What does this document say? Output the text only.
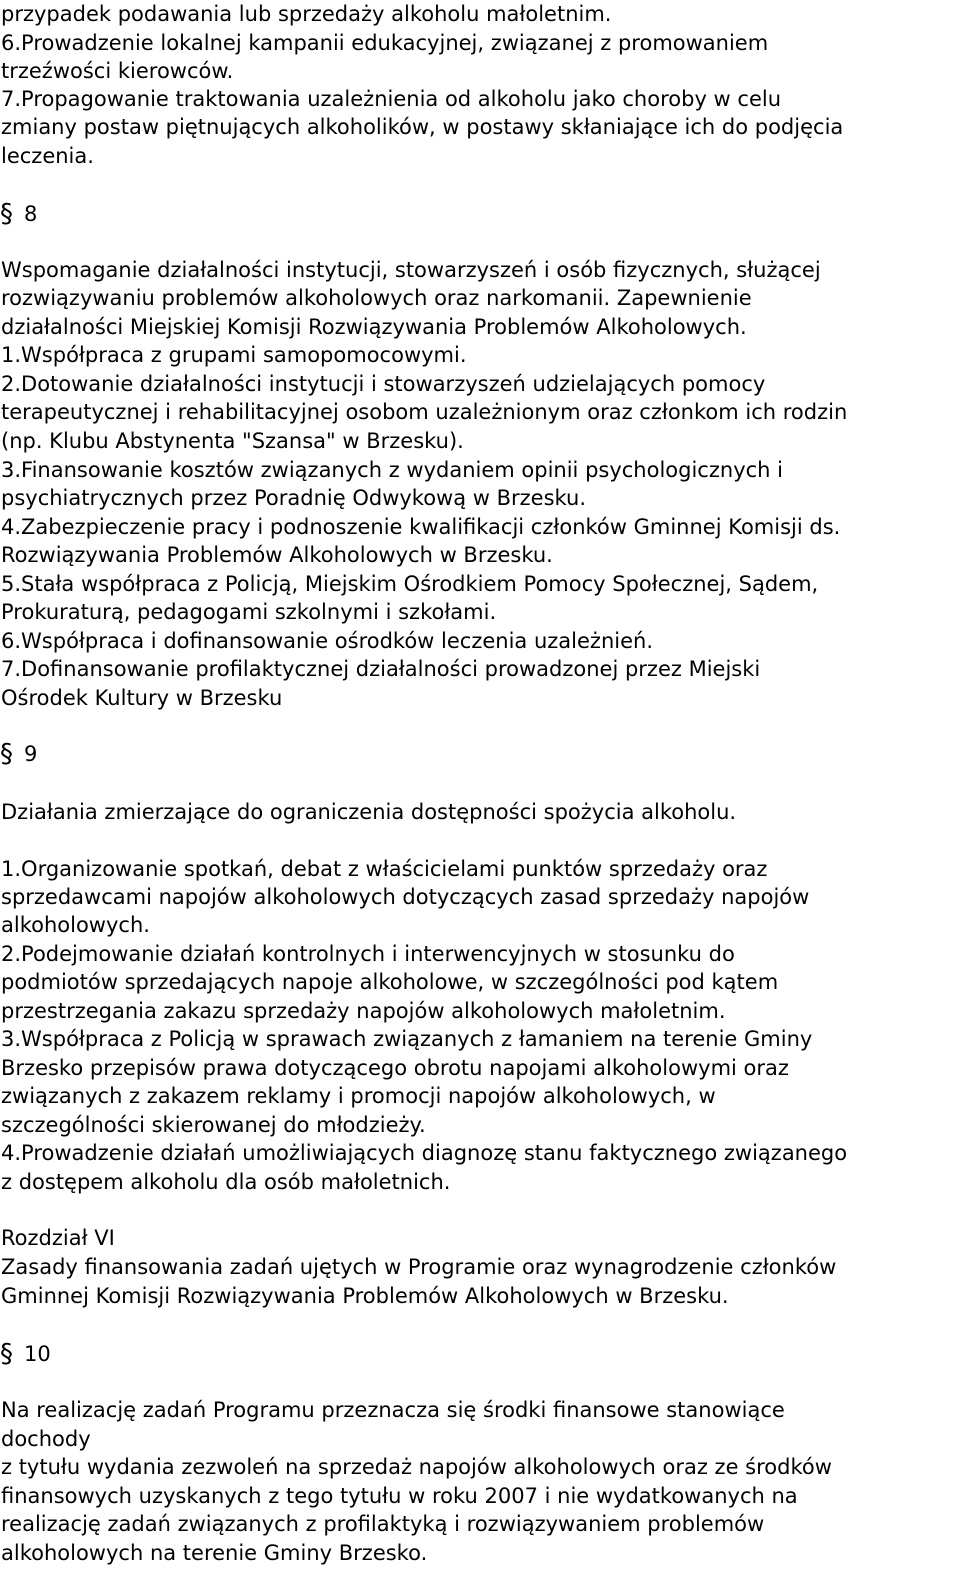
przypadek podawania lub sprzedaży alkoholu małoletnim.
6.Prowadzenie lokalnej kampanii edukacyjnej, związanej z promowaniem
trzeźwości kierowców.
7.Propagowanie traktowania uzależnienia od alkoholu jako choroby w celu
zmiany postaw piętnujących alkoholików, w postawy skłaniające ich do podjęcia
leczenia.
§ 8
Wspomaganie działalności instytucji, stowarzyszeń i osób fizycznych, służącej
rozwiązywaniu problemów alkoholowych oraz narkomanii. Zapewnienie
działalności Miejskiej Komisji Rozwiązywania Problemów Alkoholowych.
1.Współpraca z grupami samopomocowymi.
2.Dotowanie działalności instytucji i stowarzyszeń udzielających pomocy
terapeutycznej i rehabilitacyjnej osobom uzależnionym oraz członkom ich rodzin
(np. Klubu Abstynenta "Szansa" w Brzesku).
3.Finansowanie kosztów związanych z wydaniem opinii psychologicznych i
psychiatrycznych przez Poradnię Odwykową w Brzesku.
4.Zabezpieczenie pracy i podnoszenie kwalifikacji członków Gminnej Komisji ds.
Rozwiązywania Problemów Alkoholowych w Brzesku.
5.Stała współpraca z Policją, Miejskim Ośrodkiem Pomocy Społecznej, Sądem,
Prokuraturą, pedagogami szkolnymi i szkołami.
6.Współpraca i dofinansowanie ośrodków leczenia uzależnień.
7.Dofinansowanie profilaktycznej działalności prowadzonej przez Miejski
Ośrodek Kultury w Brzesku
§ 9
Działania zmierzające do ograniczenia dostępności spożycia alkoholu.
1.Organizowanie spotkań, debat z właścicielami punktów sprzedaży oraz
sprzedawcami napojów alkoholowych dotyczących zasad sprzedaży napojów
alkoholowych.
2.Podejmowanie działań kontrolnych i interwencyjnych w stosunku do
podmiotów sprzedających napoje alkoholowe, w szczególności pod kątem
przestrzegania zakazu sprzedaży napojów alkoholowych małoletnim.
3.Współpraca z Policją w sprawach związanych z łamaniem na terenie Gminy
Brzesko przepisów prawa dotyczącego obrotu napojami alkoholowymi oraz
związanych z zakazem reklamy i promocji napojów alkoholowych, w
szczególności skierowanej do młodzieży.
4.Prowadzenie działań umożliwiających diagnozę stanu faktycznego związanego
z dostępem alkoholu dla osób małoletnich.
Rozdział VI
Zasady finansowania zadań ujętych w Programie oraz wynagrodzenie członków
Gminnej Komisji Rozwiązywania Problemów Alkoholowych w Brzesku.
§ 10
Na realizację zadań Programu przeznacza się środki finansowe stanowiące
dochody
z tytułu wydania zezwoleń na sprzedaż napojów alkoholowych oraz ze środków
finansowych uzyskanych z tego tytułu w roku 2007 i nie wydatkowanych na
realizację zadań związanych z profilaktyką i rozwiązywaniem problemów
alkoholowych na terenie Gminy Brzesko.
